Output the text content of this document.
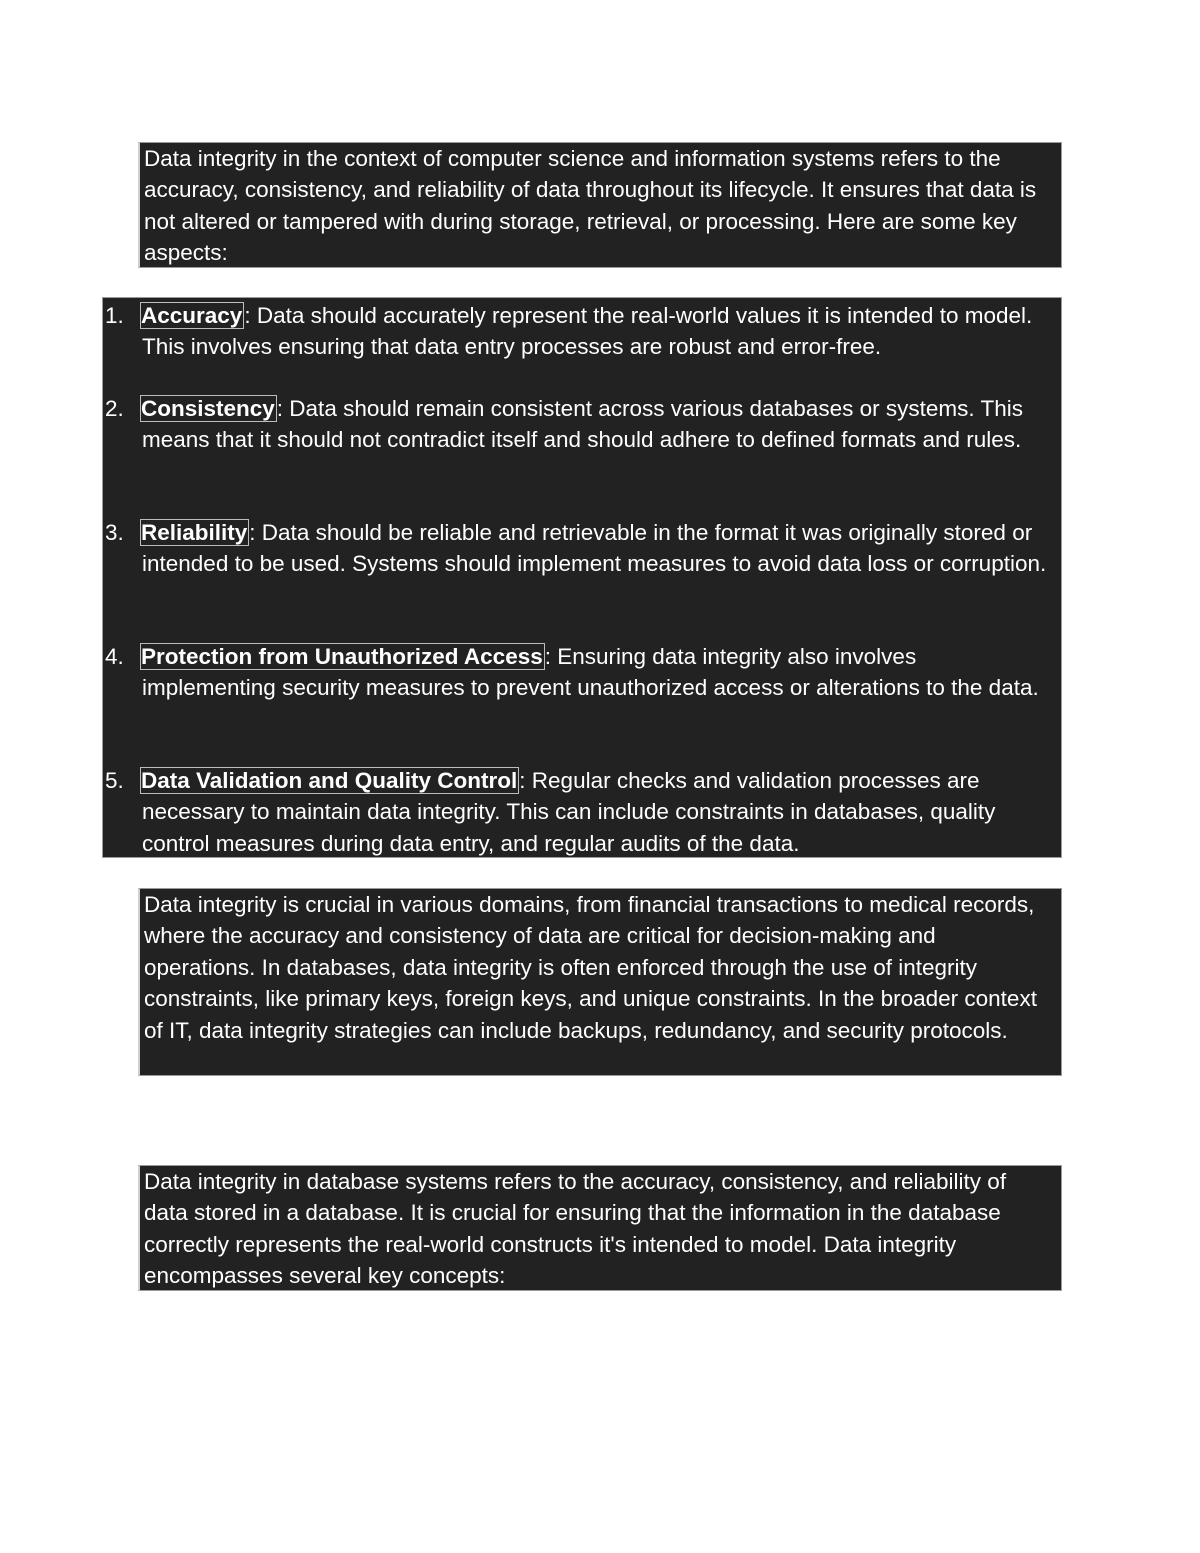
Data integrity in the context of computer science and information systems refers to the accuracy, consistency, and reliability of data throughout its lifecycle. It ensures that data is not altered or tampered with during storage, retrieval, or processing. Here are some key aspects:
1. Accuracy: Data should accurately represent the real-world values it is intended to model. This involves ensuring that data entry processes are robust and error-free.
2. Consistency: Data should remain consistent across various databases or systems. This means that it should not contradict itself and should adhere to defined formats and rules.
3. Reliability: Data should be reliable and retrievable in the format it was originally stored or intended to be used. Systems should implement measures to avoid data loss or corruption.
4. Protection from Unauthorized Access: Ensuring data integrity also involves implementing security measures to prevent unauthorized access or alterations to the data.
5. Data Validation and Quality Control: Regular checks and validation processes are necessary to maintain data integrity. This can include constraints in databases, quality control measures during data entry, and regular audits of the data.
Data integrity is crucial in various domains, from financial transactions to medical records, where the accuracy and consistency of data are critical for decision-making and operations. In databases, data integrity is often enforced through the use of integrity constraints, like primary keys, foreign keys, and unique constraints. In the broader context of IT, data integrity strategies can include backups, redundancy, and security protocols.
Data integrity in database systems refers to the accuracy, consistency, and reliability of data stored in a database. It is crucial for ensuring that the information in the database correctly represents the real-world constructs it's intended to model. Data integrity encompasses several key concepts:
